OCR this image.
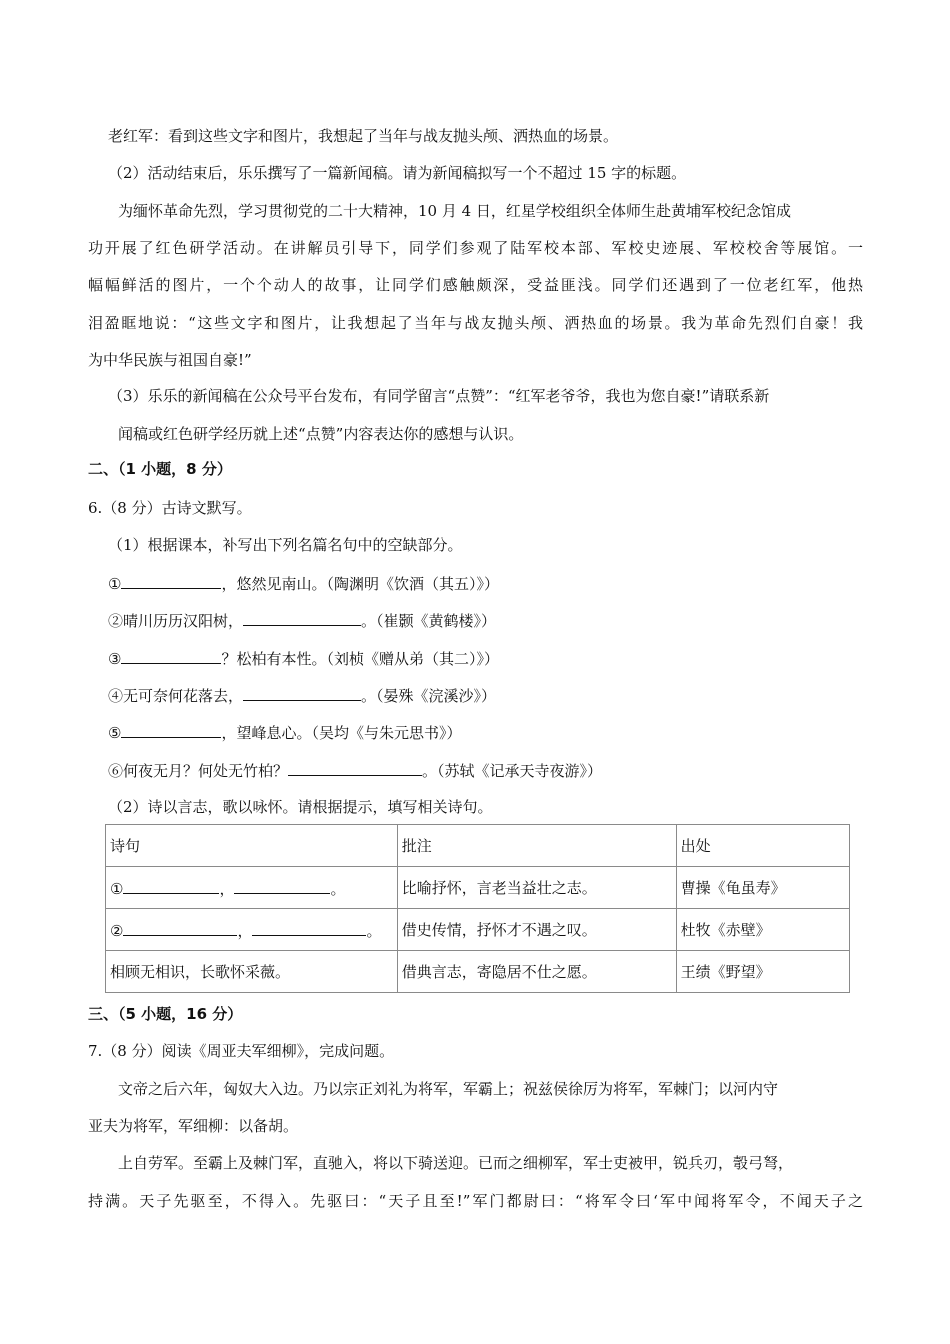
老红军：看到这些文字和图片，我想起了当年与战友抛头颅、洒热血的场景。
（2）活动结束后，乐乐撰写了一篇新闻稿。请为新闻稿拟写一个不超过 15 字的标题。
为缅怀革命先烈，学习贯彻党的二十大精神，10 月 4 日，红星学校组织全体师生赴黄埔军校纪念馆成
功开展了红色研学活动。在讲解员引导下，同学们参观了陆军校本部、军校史迹展、军校校舍等展馆。一
幅幅鲜活的图片，一个个动人的故事，让同学们感触颇深，受益匪浅。同学们还遇到了一位老红军，他热
泪盈眶地说：“这些文字和图片，让我想起了当年与战友抛头颅、洒热血的场景。我为革命先烈们自豪！我
为中华民族与祖国自豪!”
（3）乐乐的新闻稿在公众号平台发布，有同学留言“点赞”：“红军老爷爷，我也为您自豪!”请联系新
闻稿或红色研学经历就上述“点赞”内容表达你的感想与认识。
二、（1 小题，8 分）
6.（8 分）古诗文默写。
（1）根据课本，补写出下列名篇名句中的空缺部分。
①	，悠然见南山。（陶渊明《饮酒（其五）》）
②晴川历历汉阳树，	。（崔颢《黄鹤楼》）
③	？松柏有本性。（刘桢《赠从弟（其二）》）
④无可奈何花落去，	。（晏殊《浣溪沙》）
⑤	，望峰息心。（吴均《与朱元思书》）
⑥何夜无月？何处无竹柏？	。（苏轼《记承天寺夜游》）
（2）诗以言志，歌以咏怀。请根据提示，填写相关诗句。
诗句	批注	出处
① ， 。	比喻抒怀，言老当益壮之志。	曹操《龟虽寿》
② ， 。	借史传情，抒怀才不遇之叹。	杜牧《赤壁》
相顾无相识，长歌怀采薇。	借典言志，寄隐居不仕之愿。	王绩《野望》
三、（5 小题，16 分）
7.（8 分）阅读《周亚夫军细柳》，完成问题。
文帝之后六年，匈奴大入边。乃以宗正刘礼为将军，军霸上；祝兹侯徐厉为将军，军棘门；以河内守
亚夫为将军，军细柳：以备胡。
上自劳军。至霸上及棘门军，直驰入，将以下骑送迎。已而之细柳军，军士吏被甲，锐兵刃，彀弓弩，
持满。天子先驱至，不得入。先驱曰：“天子且至!”军门都尉曰：“将军令曰‘军中闻将军令，不闻天子之
